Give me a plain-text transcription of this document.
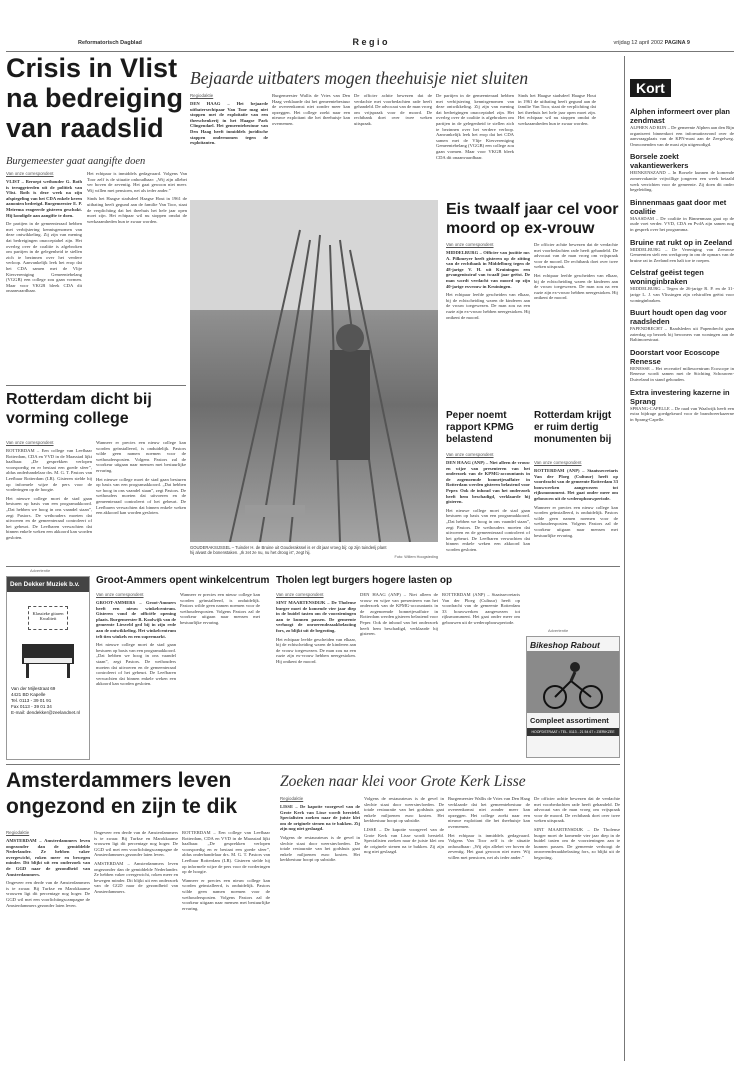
Reformatorisch Dagblad	R e g i o	vrijdag 12 april 2002 PAGINA 9
Crisis in Vlist na bedreiging van raadslid
Burgemeester gaat aangifte doen
Van onze correspondent
VLIST – Beroept wethouder G. Both is teruggetreden uit de politiek van Vlist. Both is deze week na zijn afspiegeling van het CDA enkele keren aanonien bedreigd. Burgemeester E. P. Meirema reageerde gisteren geschokt. Hij kondigde aan aangifte te doen.
De partijen in de gemeenteraad hebben met verbijstering kennisgenomen van deze ontwikkeling. Zij zijn van mening dat bedreigingen onacceptabel zijn. Het overleg over de coalitie is afgebroken om partijen in de gelegenheid te stellen zich te bezinnen over het verdere verloop. Aanvankelijk leek het erop dat het CDA samen met de Vlije Kiesvereniging Gemeentebelang (VGGB) een college zou gaan vormen. Maar voor VKGB bleek CDA dit onaanvaardbaar.
Het echtpaar is inmiddels gedagvaard. Volgens Van Toor zelf is de situatie onhoudbaar: „Wij zijn allebei ver boven de zeventig. Het gaat gewoon niet meer. Wij willen met pensioen, net als ieder ander.”
Sinds het Haagse stadsdeel Haagse Hout in 1961 de uitbating heeft gegund aan de familie Van Toor, staat de verplichting dat het theehuis het hele jaar open moet zijn. Het echtpaar wil nu stoppen omdat de werkzaamheden hun te zwaar worden.
Bejaarde uitbaters mogen theehuisje niet sluiten
Regiodaktie
DEN HAAG – Het bejaarde uitbatersechtpaar Van Toor mag niet stoppen met de exploitatie van een theeschenkerij in het Haagse Park Clingendael. Het gemeentebestuur van Den Haag heeft inmiddels juridische stappen ondernomen tegen de exploitanten.
Burgemeester Wallis de Vries van Den Haag verklaarde dat het gemeentebestuur de overeenkomst niet zonder meer kan opzeggen. Het college zoekt naar een nieuwe exploitant die het theehuisje kan overnemen.
De officier achtte bewezen dat de verdachte met voorbedachten rade heeft gehandeld. De advocaat van de man vroeg om vrijspraak voor de moord. De rechtbank doet over twee weken uitspraak.
De partijen in de gemeenteraad hebben met verbijstering kennisgenomen van deze ontwikkeling. Zij zijn van mening dat bedreigingen onacceptabel zijn. Het overleg over de coalitie is afgebroken om partijen in de gelegenheid te stellen zich te bezinnen over het verdere verloop. Aanvankelijk leek het erop dat het CDA samen met de Vlije Kiesvereniging Gemeentebelang (VGGB) een college zou gaan vormen. Maar voor VKGB bleek CDA dit onaanvaardbaar.
Sinds het Haagse stadsdeel Haagse Hout in 1961 de uitbating heeft gegund aan de familie Van Toor, staat de verplichting dat het theehuis het hele jaar open moet zijn. Het echtpaar wil nu stoppen omdat de werkzaamheden hun te zwaar worden.
GOUDERAKSIJSSEL – Tuinder H. de Bruine uit Gouderakssel is er dit jaar vroeg bij: op zijn tuinderij plant hij alvast de bonenstaken. „Ik zet ze nu, nu het droog is”, zegt hij.
Foto: Willem Hoogsteding
Rotterdam dicht bij vorming college
Van onze correspondent
ROTTERDAM – Een college van Leefbaar Rotterdam, CDA en VVD in de Maasstad lijkt haalbaar. „De gesprekken verlopen voorspoedig en er bestaat een goede sfeer”, aldus onderhandelaar drs. M. G. T. Pastors van Leefbaar Rotterdam (LR). Gisteren stelde hij op informele wijze de pers voor de vorderingen op de hoogte.
Het nieuwe college moet de stad gaan besturen op basis van een programakkoord. „Dat hebben we hoog in ons vaandel staan”, zegt Pastors. De wethouders moeten dat uitvoeren en de gemeenteraad controleert of het gebeurt. De Leefbaren verwachten dat binnen enkele weken een akkoord kan worden gesloten.
Wanneer er precies een nieuw college kan worden geïnstalleerd, is onduidelijk. Pastors wilde geen namen noemen voor de wethoudersposten. Volgens Pastors zal de voorkeur uitgaan naar mensen met bestuurlijke ervaring.
Het nieuwe college moet de stad gaan besturen op basis van een programakkoord. „Dat hebben we hoog in ons vaandel staan”, zegt Pastors. De wethouders moeten dat uitvoeren en de gemeenteraad controleert of het gebeurt. De Leefbaren verwachten dat binnen enkele weken een akkoord kan worden gesloten.
Eis twaalf jaar cel voor moord op ex-vrouw
Van onze correspondent
MIDDELBURG – Officier van justitie mr. A. Pilkmeyer heeft gisteren op de zitting van de rechtbank in Middelburg tegen de 48-jarige V. H. uit Kruiningen een gevangenisstraf van twaalf jaar geëist. De man wordt verdacht van moord op zijn 40-jarige exvrouw in Kruiningen.
Het echtpaar leefde gescheiden van elkaar, bij de echtscheiding waren de kinderen aan de vrouw toegewezen. De man zou na een ruzie zijn ex-vrouw hebben neergestoken. Hij ontkent de moord.
De officier achtte bewezen dat de verdachte met voorbedachten rade heeft gehandeld. De advocaat van de man vroeg om vrijspraak voor de moord. De rechtbank doet over twee weken uitspraak.
Het echtpaar leefde gescheiden van elkaar, bij de echtscheiding waren de kinderen aan de vrouw toegewezen. De man zou na een ruzie zijn ex-vrouw hebben neergestoken. Hij ontkent de moord.
Peper noemt rapport KPMG belastend
Van onze correspondent
DEN HAAG (ANP) – Niet alleen de vrouw en wijze van presenteren van het onderzoek van de KPMG-accountants in de zogenoemde bonnetjesaffaire in Rotterdam werden gisteren belastend voor Peper. Ook de inhoud van het onderzoek heeft hem beschadigd, verklaarde hij gisteren.
Het nieuwe college moet de stad gaan besturen op basis van een programakkoord. „Dat hebben we hoog in ons vaandel staan”, zegt Pastors. De wethouders moeten dat uitvoeren en de gemeenteraad controleert of het gebeurt. De Leefbaren verwachten dat binnen enkele weken een akkoord kan worden gesloten.
Rotterdam krijgt er ruim dertig monumenten bij
Van onze correspondent
ROTTERDAM (ANP) – Staatssecretaris Van der Ploeg (Cultuur) heeft op voordracht van de gemeente Rotterdam 33 bouwwerken aangewezen tot rijksmonument. Het gaat onder meer om gebouwen uit de wederopbouwperiode.
Wanneer er precies een nieuw college kan worden geïnstalleerd, is onduidelijk. Pastors wilde geen namen noemen voor de wethoudersposten. Volgens Pastors zal de voorkeur uitgaan naar mensen met bestuurlijke ervaring.
Kort
Alphen informeert over plan zendmast
ALPHEN AD RIJN – De gemeente Alphen aan den Rijn organiseert binnenkort een informatieavond over de aanvraagplaats van de KPN-mast aan de Zeegelweg. Omwonenden van de mast zijn uitgenodigd.
Borsele zoekt vakantiewerkers
HEINKENSZAND – In Borsele kunnen de komende zomervakantie vrijwillige jongeren een week betaald werk verrichten voor de gemeente. Zij doen dit onder begeleiding.
Binnenmaas gaat door met coalitie
MAASDAM – De coalitie in Binnenmaas gaat op de oude voet verder. VVD, CDA en PvdA zijn samen nog in gesprek over het programma.
Bruine rat rukt op in Zeeland
MIDDELBURG – De Vereniging van Zeeuwse Gemeenten stelt een werkgroep in om de opmars van de bruine rat in Zeeland een halt toe te roepen.
Celstraf geëist tegen woninginbraken
MIDDELBURG – Tegen de 26-jarige R. P. en de 31-jarige L. J. van Vlissingen zijn celstraffen geëist voor woninginbraken.
Buurt houdt open dag voor raadsleden
PAPENDRECHT – Raadsleden uit Papendrecht gaan zaterdag op bezoek bij bewoners van woningen aan de Baltimorestraat.
Doorstart voor Ecoscope Renesse
RENESSE – Het recreatief milieucentrum Ecoscope in Renesse wordt samen met de Stichting Schouwen-Duiveland in stand gehouden.
Extra investering kazerne in Sprang
SPRANG-CAPELLE – De raad van Waalwijk heeft een extra bijdrage goedgekeurd voor de brandweerkazerne in Sprang-Capelle.
Advertentie
Den Dekker Muziek b.v.
Klassieke gitaren Kwaliteit
Van der Mijlestraat 69
4421 BD Kapelle
Tel. 0113 - 39 01 91
Fax 0113 - 39 01 34
E-mail: dendekker@zeelandnet.nl
Groot-Ammers opent winkelcentrum
Van onze correspondent
GROOT-AMMERS – Groot-Ammers heeft een nieuw winkelcentrum. Gisteren vond de officiële opening plaats. Burgemeester B. Koolwijk van de gemeente Liesveld ged bij in zijn rede aan de ontwikkeling. Het winkelcentrum telt tien winkels en een supermarkt.
Het nieuwe college moet de stad gaan besturen op basis van een programakkoord. „Dat hebben we hoog in ons vaandel staan”, zegt Pastors. De wethouders moeten dat uitvoeren en de gemeenteraad controleert of het gebeurt. De Leefbaren verwachten dat binnen enkele weken een akkoord kan worden gesloten.
Wanneer er precies een nieuw college kan worden geïnstalleerd, is onduidelijk. Pastors wilde geen namen noemen voor de wethoudersposten. Volgens Pastors zal de voorkeur uitgaan naar mensen met bestuurlijke ervaring.
Tholen legt burgers hogere lasten op
Van onze correspondent
SINT MAARTENSDIJK – De Tholense burger moet de komende vier jaar diep in de buidel tasten om de voorzieningen aan te kunnen passen. De gemeente verhoogt de onroerendezaakbelasting fors, zo blijkt uit de begroting.
Het echtpaar leefde gescheiden van elkaar, bij de echtscheiding waren de kinderen aan de vrouw toegewezen. De man zou na een ruzie zijn ex-vrouw hebben neergestoken. Hij ontkent de moord.
DEN HAAG (ANP) – Niet alleen de vrouw en wijze van presenteren van het onderzoek van de KPMG-accountants in de zogenoemde bonnetjesaffaire in Rotterdam werden gisteren belastend voor Peper. Ook de inhoud van het onderzoek heeft hem beschadigd, verklaarde hij gisteren.
ROTTERDAM (ANP) – Staatssecretaris Van der Ploeg (Cultuur) heeft op voordracht van de gemeente Rotterdam 33 bouwwerken aangewezen tot rijksmonument. Het gaat onder meer om gebouwen uit de wederopbouwperiode.
Advertentie
Bikeshop Rabout
Compleet assortiment
HOOFDSTRAAT • TEL. 0113 - 21 54 67 • ZIERIKZEE
Amsterdammers leven ongezond en zijn te dik
Regiodaktie
AMSTERDAM – Amsterdammers leven ongezonder dan de gemiddelde Nederlander. Ze hebben vaker overgewicht, roken meer en bewegen minder. Dit blijkt uit een onderzoek van de GGD naar de gezondheid van Amsterdammers.
Ongeveer een derde van de Amsterdammers is te zwaar. Bij Turkse en Marokkaanse vrouwen ligt dit percentage nog hoger. De GGD wil met een voorlichtingscampagne de Amsterdammers gezonder laten leven.
Ongeveer een derde van de Amsterdammers is te zwaar. Bij Turkse en Marokkaanse vrouwen ligt dit percentage nog hoger. De GGD wil met een voorlichtingscampagne de Amsterdammers gezonder laten leven.
AMSTERDAM – Amsterdammers leven ongezonder dan de gemiddelde Nederlander. Ze hebben vaker overgewicht, roken meer en bewegen minder. Dit blijkt uit een onderzoek van de GGD naar de gezondheid van Amsterdammers.
ROTTERDAM – Een college van Leefbaar Rotterdam, CDA en VVD in de Maasstad lijkt haalbaar. „De gesprekken verlopen voorspoedig en er bestaat een goede sfeer”, aldus onderhandelaar drs. M. G. T. Pastors van Leefbaar Rotterdam (LR). Gisteren stelde hij op informele wijze de pers voor de vorderingen op de hoogte.
Wanneer er precies een nieuw college kan worden geïnstalleerd, is onduidelijk. Pastors wilde geen namen noemen voor de wethoudersposten. Volgens Pastors zal de voorkeur uitgaan naar mensen met bestuurlijke ervaring.
Zoeken naar klei voor Grote Kerk Lisse
Regiodaktie
LISSE – De kapotte voorgevel van de Grote Kerk van Lisse wordt hersteld. Specialisten zoeken naar de juiste klei om de originele stenen na te bakken. Zij zijn nog niet geslaagd.
Volgens de restaurateurs is de gevel in slechte staat door weersinvloeden. De totale restauratie van het godshuis gaat enkele miljoenen euro kosten. Het kerkbestuur hoopt op subsidie.
Volgens de restaurateurs is de gevel in slechte staat door weersinvloeden. De totale restauratie van het godshuis gaat enkele miljoenen euro kosten. Het kerkbestuur hoopt op subsidie.
LISSE – De kapotte voorgevel van de Grote Kerk van Lisse wordt hersteld. Specialisten zoeken naar de juiste klei om de originele stenen na te bakken. Zij zijn nog niet geslaagd.
Burgemeester Wallis de Vries van Den Haag verklaarde dat het gemeentebestuur de overeenkomst niet zonder meer kan opzeggen. Het college zoekt naar een nieuwe exploitant die het theehuisje kan overnemen.
Het echtpaar is inmiddels gedagvaard. Volgens Van Toor zelf is de situatie onhoudbaar: „Wij zijn allebei ver boven de zeventig. Het gaat gewoon niet meer. Wij willen met pensioen, net als ieder ander.”
De officier achtte bewezen dat de verdachte met voorbedachten rade heeft gehandeld. De advocaat van de man vroeg om vrijspraak voor de moord. De rechtbank doet over twee weken uitspraak.
SINT MAARTENSDIJK – De Tholense burger moet de komende vier jaar diep in de buidel tasten om de voorzieningen aan te kunnen passen. De gemeente verhoogt de onroerendezaakbelasting fors, zo blijkt uit de begroting.
